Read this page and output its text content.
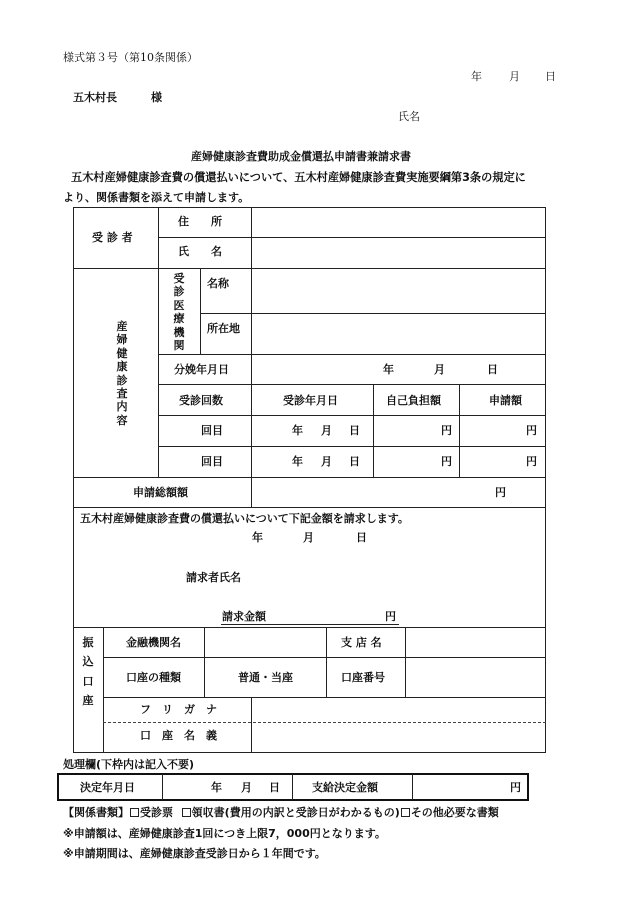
様式第３号（第10条関係）
年 月 日
五木村長	様
氏名
産婦健康診査費助成金償還払申請書兼請求書
五木村産婦健康診査費の償還払いについて、五木村産婦健康診査費実施要綱第3条の規定に
より、関係書類を添えて申請します。
受 診 者
住　　所
氏　　名
産婦健康診査内容
受診医療機関
名称
所在地
分娩年月日	年	月	日
受診回数	受診年月日	自己負担額	申請額
回目	年 月 日	円	円
回目	年 月 日	円	円
申請総額額	円
五木村産婦健康診査費の償還払いについて下記金額を請求します。
年	月	日
請求者氏名
請求金額	円
振込口座
金融機関名	支 店 名
口座の種類	普通・当座	口座番号
フ　リ　ガ　ナ
口　座　名　義
処理欄(下枠内は記入不要)
決定年月日	年 月 日	支給決定金額	円
【関係書類】 受診票 領収書(費用の内訳と受診日がわかるもの) その他必要な書類
※申請額は、産婦健康診査1回につき上限7，000円となります。
※申請期間は、産婦健康診査受診日から１年間です。
